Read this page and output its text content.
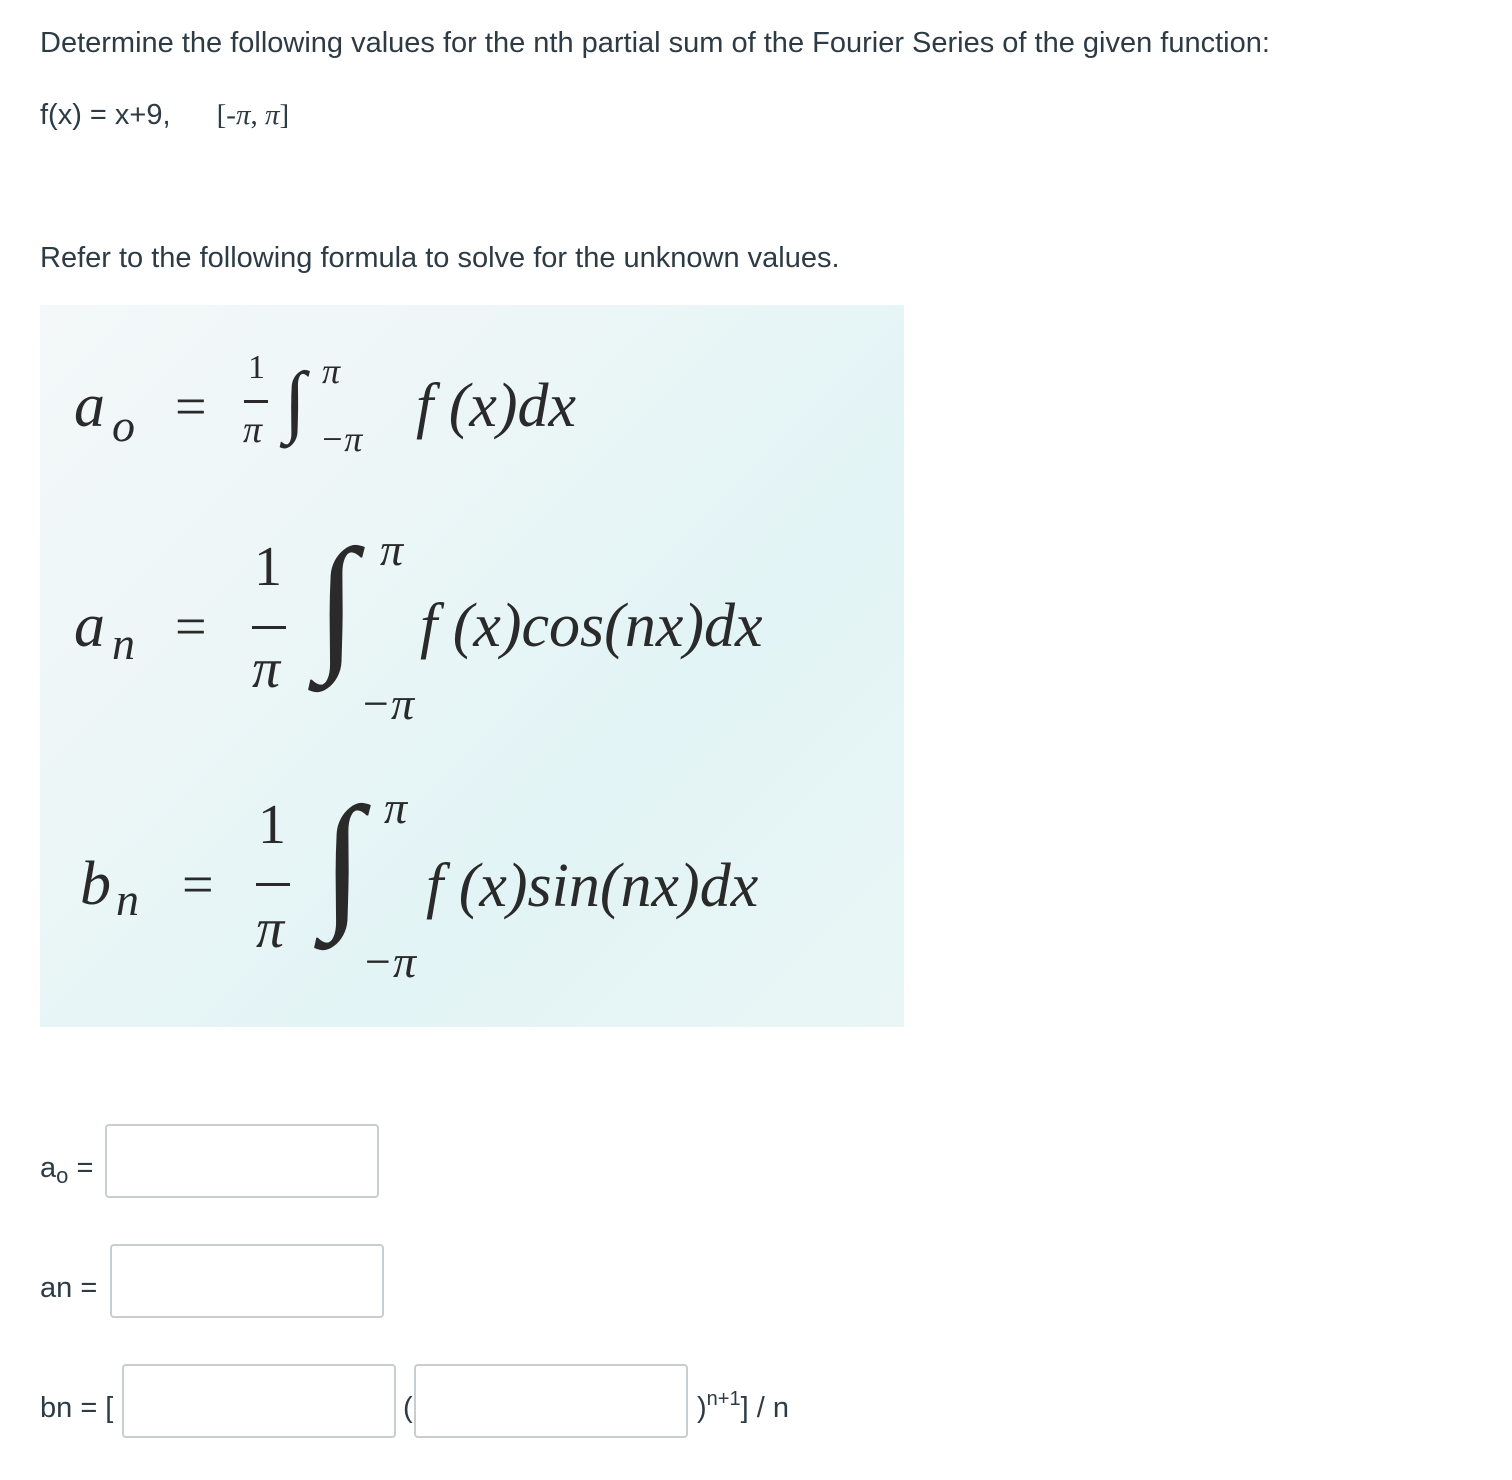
Determine the following values for the nth partial sum of the Fourier Series of the given function:
f(x) = x+9, [-π, π]
Refer to the following formula to solve for the unknown values.
a o =
1
π ∫ π
−π f (x)dx
a n =
1
π ∫ π
−π
f (x)cos(nx)dx
b n =
1
π ∫ π
−π
f (x)sin(nx)dx
$a_o$ =
an =
bn = [	(	)$^{n+1}$] / n
